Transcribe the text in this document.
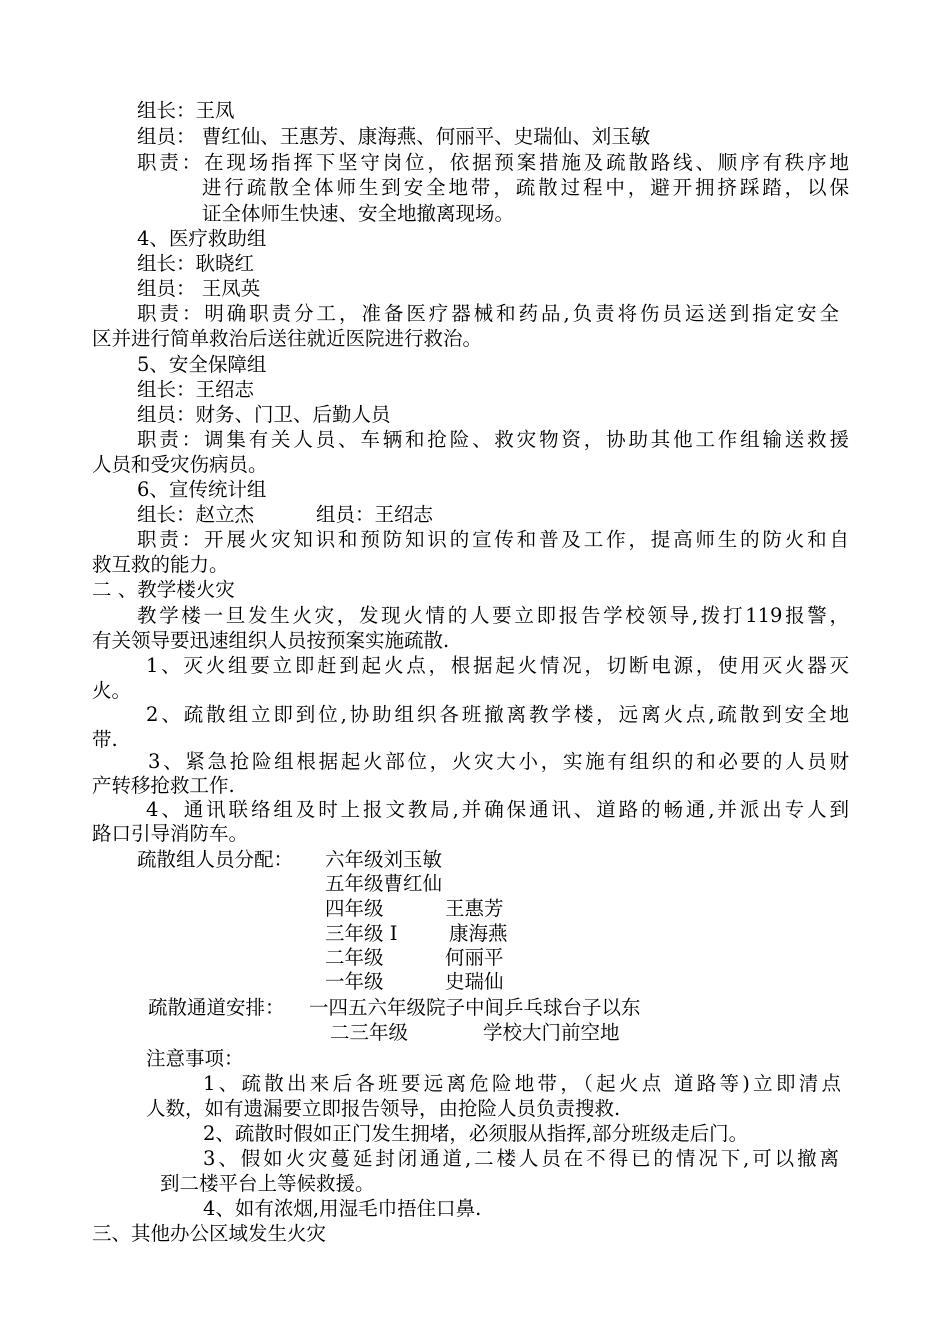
组长：王凤
组员： 曹红仙、王惠芳、康海燕、何丽平、史瑞仙、刘玉敏
职责：在现场指挥下坚守岗位，依据预案措施及疏散路线、顺序有秩序地
进行疏散全体师生到安全地带，疏散过程中，避开拥挤踩踏，以保
证全体师生快速、安全地撤离现场。
4、医疗救助组
组长：耿晓红
组员： 王凤英
职责：明确职责分工，准备医疗器械和药品,负责将伤员运送到指定安全
区并进行简单救治后送往就近医院进行救治。
5、安全保障组
组长：王绍志
组员：财务、门卫、后勤人员
职责：调集有关人员、车辆和抢险、救灾物资，协助其他工作组输送救援
人员和受灾伤病员。
6、宣传统计组
组长：赵立杰	组员：王绍志
职责：开展火灾知识和预防知识的宣传和普及工作，提高师生的防火和自
救互救的能力。
二 、教学楼火灾
教学楼一旦发生火灾，发现火情的人要立即报告学校领导,拨打119报警，
有关领导要迅速组织人员按预案实施疏散.
1、灭火组要立即赶到起火点，根据起火情况，切断电源，使用灭火器灭
火。
2、疏散组立即到位,协助组织各班撤离教学楼，远离火点,疏散到安全地
带.
3、紧急抢险组根据起火部位，火灾大小，实施有组织的和必要的人员财
产转移抢救工作.
4、通讯联络组及时上报文教局,并确保通讯、道路的畅通,并派出专人到
路口引导消防车。
疏散组人员分配： 六年级刘玉敏
五年级曹红仙
四年级	王惠芳
三年级 I	康海燕
二年级	何丽平
一年级	史瑞仙
疏散通道安排： 一四五六年级院子中间乒乓球台子以东
二三年级	学校大门前空地
注意事项：
1、疏散出来后各班要远离危险地带，（起火点 道路等)立即清点
人数，如有遗漏要立即报告领导，由抢险人员负责搜救.
2、疏散时假如正门发生拥堵，必须服从指挥,部分班级走后门。
3、假如火灾蔓延封闭通道,二楼人员在不得已的情况下,可以撤离
到二楼平台上等候救援。
4、如有浓烟,用湿毛巾捂住口鼻.
三、其他办公区域发生火灾
